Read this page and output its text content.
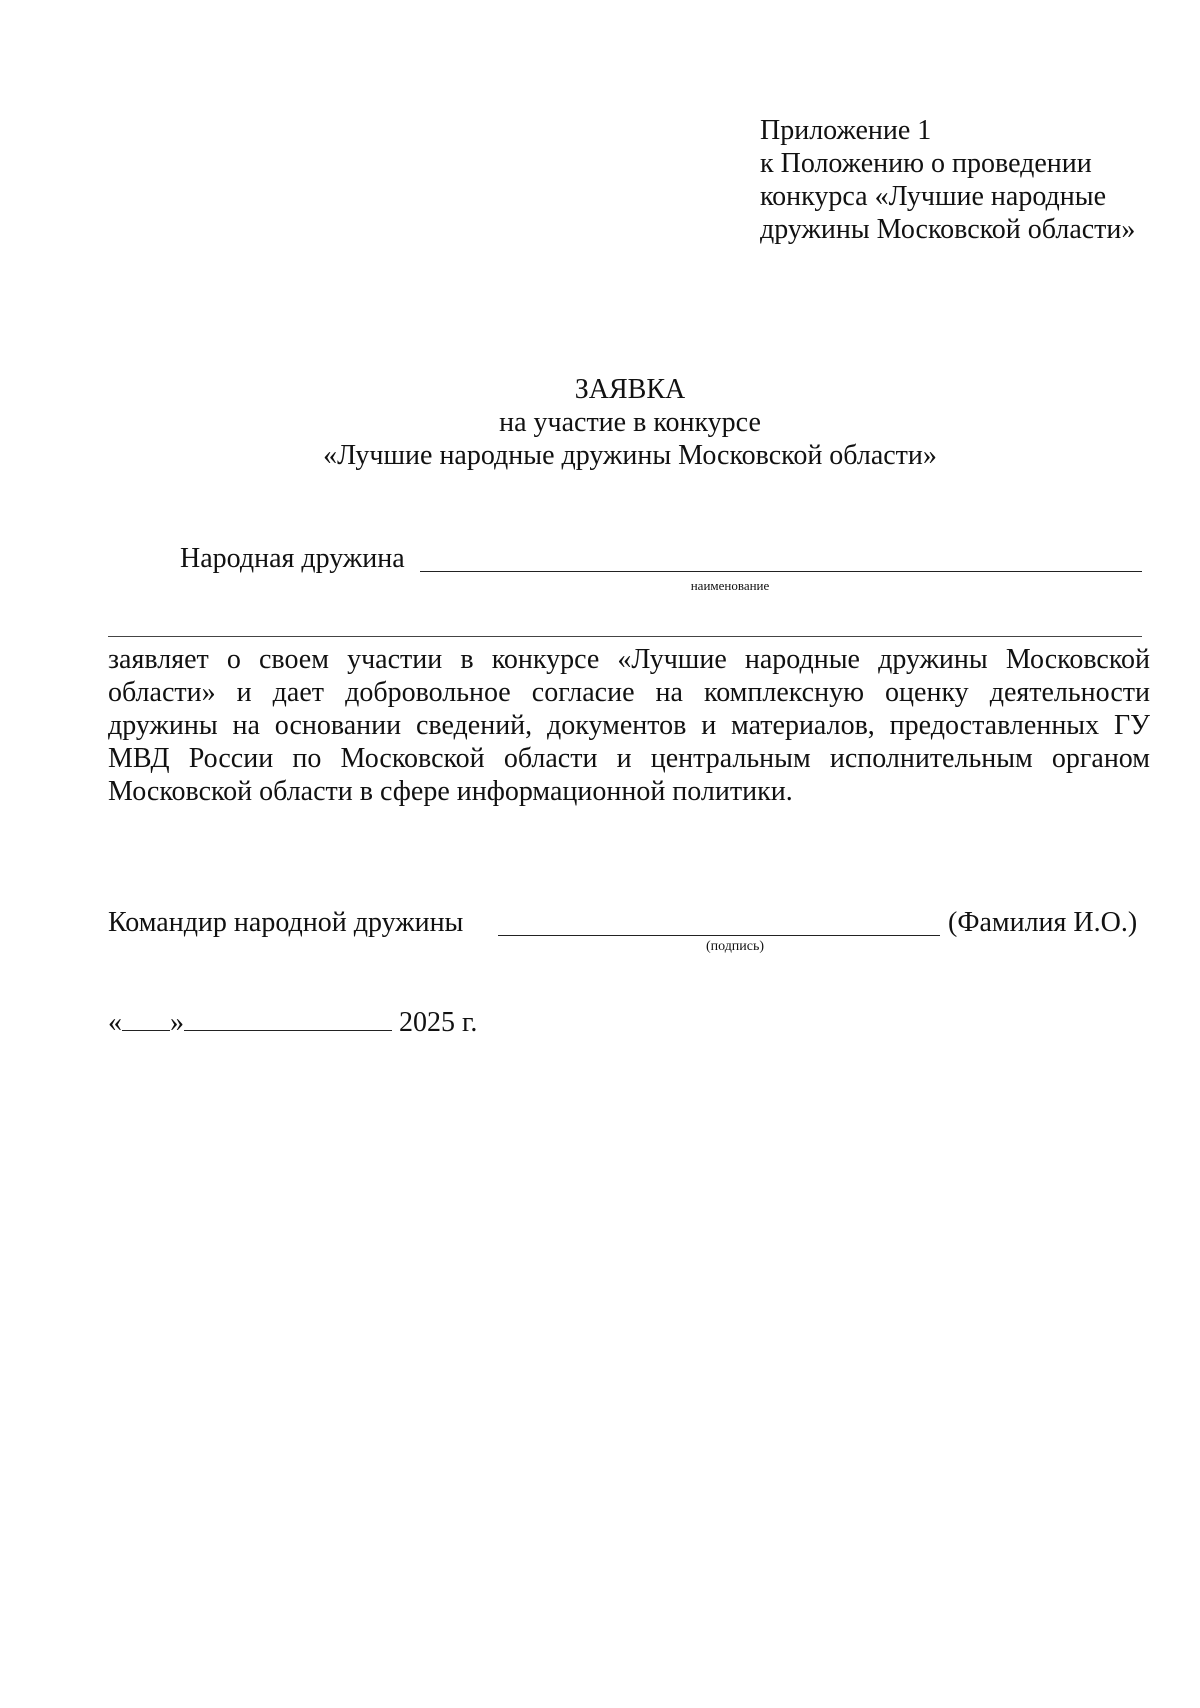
Приложение 1
к Положению о проведении
конкурса «Лучшие народные
дружины Московской области»
ЗАЯВКА
на участие в конкурсе
«Лучшие народные дружины Московской области»
Народная дружина
наименование
заявляет о своем участии в конкурсе «Лучшие народные дружины Московской области» и дает добровольное согласие на комплексную оценку деятельности дружины на основании сведений, документов и материалов, предоставленных ГУ МВД России по Московской области и центральным исполнительным органом Московской области в сфере информационной политики.
Командир народной дружины
(подпись)
(Фамилия И.О.)
« »	2025 г.
